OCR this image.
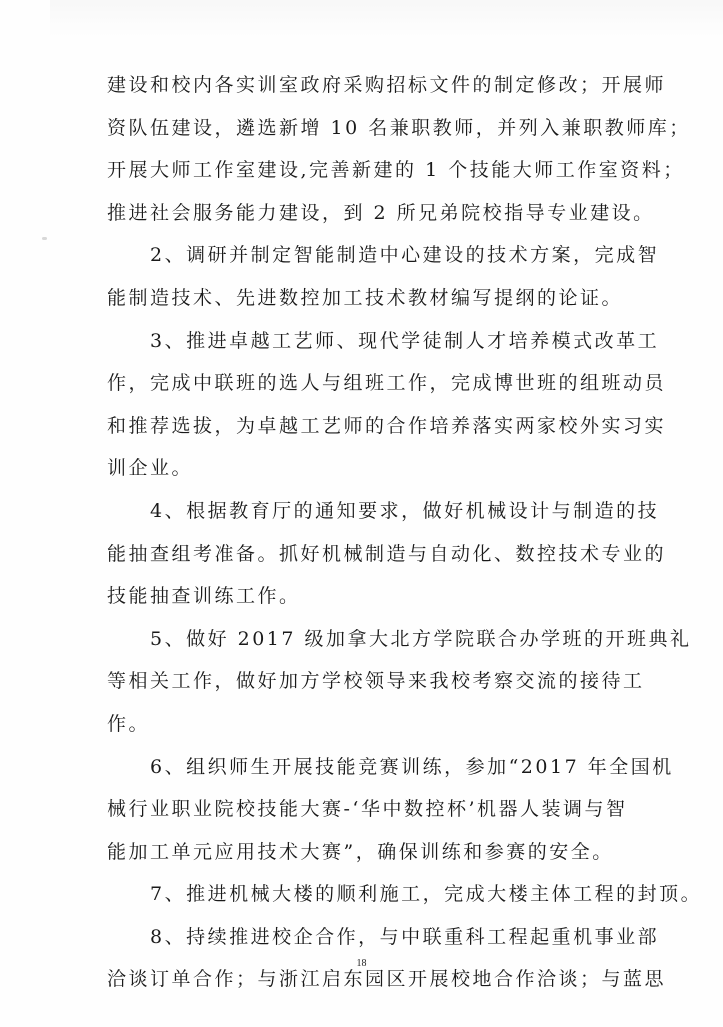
建设和校内各实训室政府采购招标文件的制定修改；开展师
资队伍建设，遴选新增 10 名兼职教师，并列入兼职教师库；
开展大师工作室建设,完善新建的 1 个技能大师工作室资料；
推进社会服务能力建设，到 2 所兄弟院校指导专业建设。
2、调研并制定智能制造中心建设的技术方案，完成智
能制造技术、先进数控加工技术教材编写提纲的论证。
3、推进卓越工艺师、现代学徒制人才培养模式改革工
作，完成中联班的选人与组班工作，完成博世班的组班动员
和推荐选拔，为卓越工艺师的合作培养落实两家校外实习实
训企业。
4、根据教育厅的通知要求，做好机械设计与制造的技
能抽查组考准备。抓好机械制造与自动化、数控技术专业的
技能抽查训练工作。
5、做好 2017 级加拿大北方学院联合办学班的开班典礼
等相关工作，做好加方学校领导来我校考察交流的接待工
作。
6、组织师生开展技能竞赛训练，参加“2017 年全国机
械行业职业院校技能大赛-‘华中数控杯’机器人装调与智
能加工单元应用技术大赛”，确保训练和参赛的安全。
7、推进机械大楼的顺利施工，完成大楼主体工程的封顶。
8、持续推进校企合作，与中联重科工程起重机事业部
洽谈订单合作；与浙江启东园区开展校地合作洽谈；与蓝思
18
